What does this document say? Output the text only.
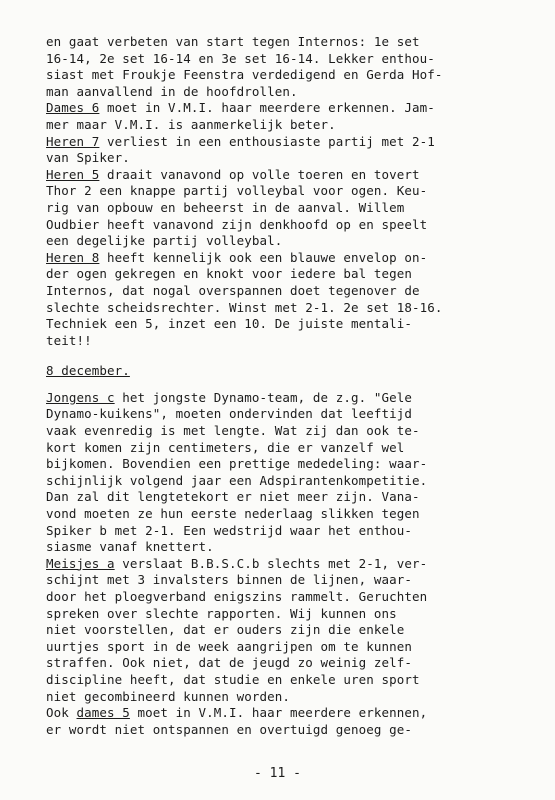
en gaat verbeten van start tegen Internos: 1e set
16-14, 2e set 16-14 en 3e set 16-14. Lekker enthou-
siast met Froukje Feenstra verdedigend en Gerda Hof-
man aanvallend in de hoofdrollen.
Dames 6 moet in V.M.I. haar meerdere erkennen. Jam-
mer maar V.M.I. is aanmerkelijk beter.
Heren 7 verliest in een enthousiaste partij met 2-1
van Spiker.
Heren 5 draait vanavond op volle toeren en tovert
Thor 2 een knappe partij volleybal voor ogen. Keu-
rig van opbouw en beheerst in de aanval. Willem
Oudbier heeft vanavond zijn denkhoofd op en speelt
een degelijke partij volleybal.
Heren 8 heeft kennelijk ook een blauwe envelop on-
der ogen gekregen en knokt voor iedere bal tegen
Internos, dat nogal overspannen doet tegenover de
slechte scheidsrechter. Winst met 2-1. 2e set 18-16.
Techniek een 5, inzet een 10. De juiste mentali-
teit!!
8 december.
Jongens c het jongste Dynamo-team, de z.g. "Gele
Dynamo-kuikens", moeten ondervinden dat leeftijd
vaak evenredig is met lengte. Wat zij dan ook te-
kort komen zijn centimeters, die er vanzelf wel
bijkomen. Bovendien een prettige mededeling: waar-
schijnlijk volgend jaar een Adspirantenkompetitie.
Dan zal dit lengtetekort er niet meer zijn. Vana-
vond moeten ze hun eerste nederlaag slikken tegen
Spiker b met 2-1. Een wedstrijd waar het enthou-
siasme vanaf knettert.
Meisjes a verslaat B.B.S.C.b slechts met 2-1, ver-
schijnt met 3 invalsters binnen de lijnen, waar-
door het ploegverband enigszins rammelt. Geruchten
spreken over slechte rapporten. Wij kunnen ons
niet voorstellen, dat er ouders zijn die enkele
uurtjes sport in de week aangrijpen om te kunnen
straffen. Ook niet, dat de jeugd zo weinig zelf-
discipline heeft, dat studie en enkele uren sport
niet gecombineerd kunnen worden.
Ook dames 5 moet in V.M.I. haar meerdere erkennen,
er wordt niet ontspannen en overtuigd genoeg ge-
- 11 -
